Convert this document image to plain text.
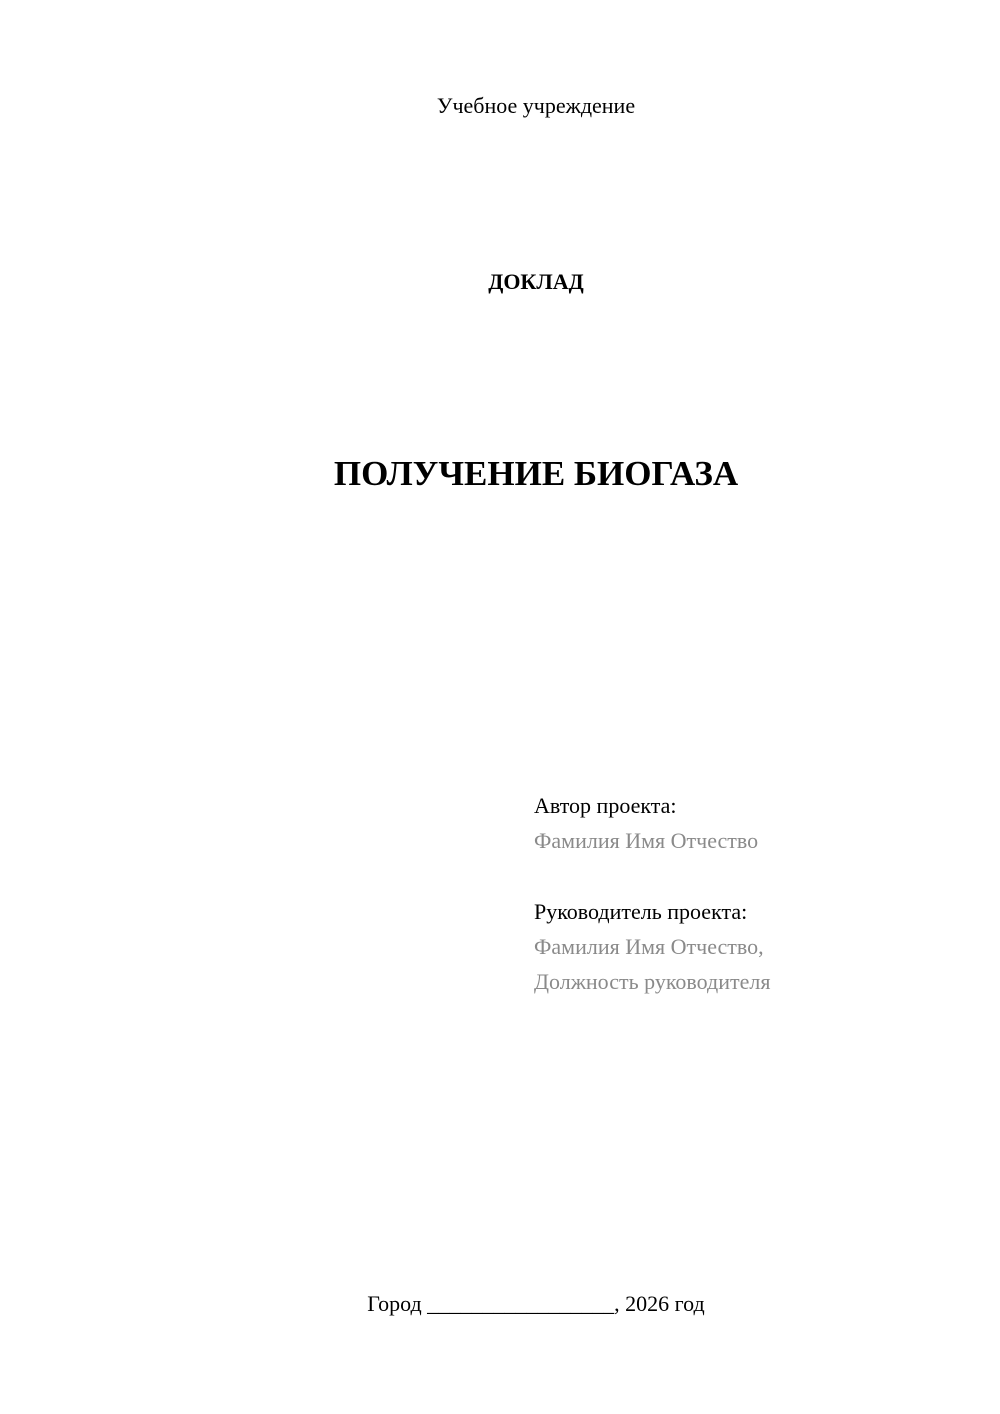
Учебное учреждение
ДОКЛАД
ПОЛУЧЕНИЕ БИОГАЗА
Автор проекта:
Фамилия Имя Отчество
Руководитель проекта:
Фамилия Имя Отчество,
Должность руководителя
Город _________________, 2026 год
